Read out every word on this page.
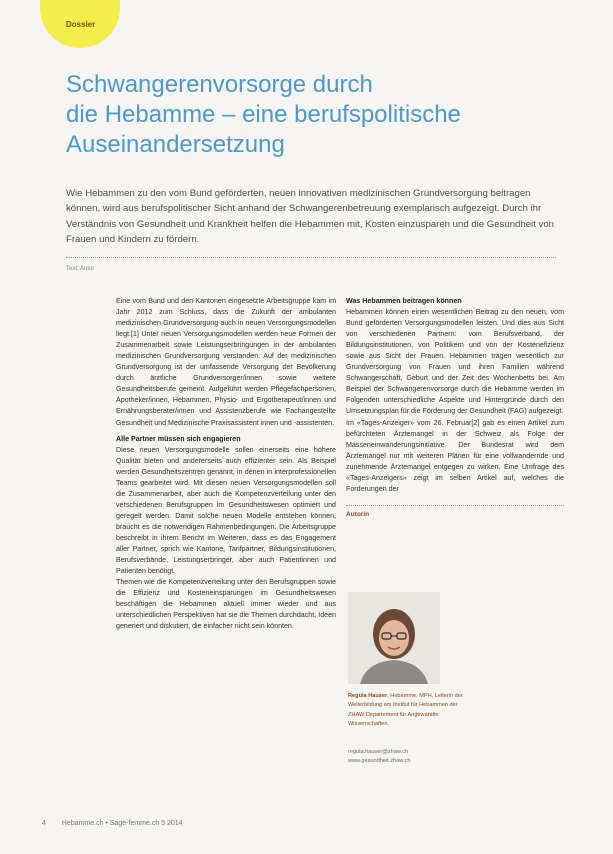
Dossier
Schwangerenvorsorge durch
die Hebamme – eine berufspolitische
Auseinandersetzung
Wie Hebammen zu den vom Bund geförderten, neuen innovativen medizinischen Grundversorgung beitragen können, wird aus berufspolitischer Sicht anhand der Schwangerenbetreuung exemplarisch aufgezeigt. Durch ihr Verständnis von Gesundheit und Krankheit helfen die Hebammen mit, Kosten einzusparen und die Gesundheit von Frauen und Kindern zu fördern.
Text: Autor

Eine vom Bund und den Kantonen eingesetzte Arbeitsgruppe kam im Jahr 2012 zum Schluss, dass die Zukunft der ambulanten medizinischen Grundversorgung auch in neuen Versorgungsmodellen liegt.[1] Unter neuen Versorgungsmodellen werden neue Formen der Zusammenarbeit sowie Leistungserbringungen in der ambulanten medizinischen Grundversorgung verstanden. Auf der medizinischen Grundversorgung ist der umfassende Versorgung der Bevölkerung durch ärztliche Grundversorger/innen sowie weitere Gesundheitsberufe gemeint. Aufgeführt werden Pflegefachpersonen, Apotheker/innen, Hebammen, Physio- und Ergotherapeut/innen und Ernährungsberater/innen und Assistenzberufe wie Fachangestellte Gesundheit und Medizinische Praxisassistent innen und -assistenten.

Alle Partner müssen sich engagieren

Diese neuen Versorgungsmodelle sollen einerseits eine höhere Qualität bieten und andererseits auch effizienter sein. Als Beispiel werden Gesundheitszentren genannt, in denen in interprofessionellen Teams gearbeitet wird. Mit diesen neuen Versorgungsmodellen soll die Zusammenarbeit, aber auch die Kompetenzverteilung unter den verschiedenen Berufsgruppen im Gesundheitswesen optimiert und geregelt werden. Damit solche neuen Modelle entstehen können, braucht es die notwendigen Rahmenbedingungen. Die Arbeitsgruppe beschreibt in ihrem Bericht im Weiteren, dass es das Engagement aller Partner, sprich wie Kantone, Tarifpartner, Bildungsinstitutionen, Berufsverbände, Leistungserbringer, aber auch Patientinnen und Patienten benötigt.

Themen wie die Kompetenzverteilung unter den Berufsgruppen sowie die Effizienz und Kosteneinsparungen im Gesundheitswesen beschäftigen die Hebammen aktuell immer wieder und aus unterschiedlichen Perspektiven hat sie die Themen durchdacht, Ideen generiert und diskutiert, die einfacher nicht sein könnten.

Was Hebammen beitragen können

Hebammen können einen wesentlichen Beitrag zu den neuen, vom Bund geförderten Versorgungsmodellen leisten. Und dies aus Sicht von verschiedenen Partnern: vom Berufsverband, der Bildungsinstitutionen, von Politikern und von der Kostenefizienz sowie aus Sicht der Frauen. Hebammen tragen wesentlich zur Grundversorgung von Frauen und ihren Familien während Schwangerschaft, Geburt und der Zeit des Wochenbetts bei. Am Beispiel der Schwangerenvorsorge durch die Hebamme werden im Folgenden unterschiedliche Aspekte und Hintergründe durch den Umsetzungsplan für die Förderung der Gesundheit (FAG) aufgezeigt.

Im «Tages-Anzeiger» vom 26. Februar[2] gab es einen Artikel zum befürchteten Ärztemangel in der Schweiz als Folge der Masseneinwanderungsinitiative. Der Bundesrat wird dem Ärztemangel nur mit weiteren Plänen für eine vollwandernde und zunehmende Ärztemangel entgegen zu wirken. Eine Umfrage des «Tages-Anzeigers» zeigt im selben Artikel auf, welches die Forderungen der

Autorin
Regula Hauser, Hebamme, MPH, Leiterin der Weiterbildung am Institut für Hebammen der ZHAW Departement für Angewandte Wissenschaften.
regula.hauser@zhaw.ch
www.gesundheit.zhaw.ch
4 Hebamme.ch • Sage-femme.ch 5 2014
